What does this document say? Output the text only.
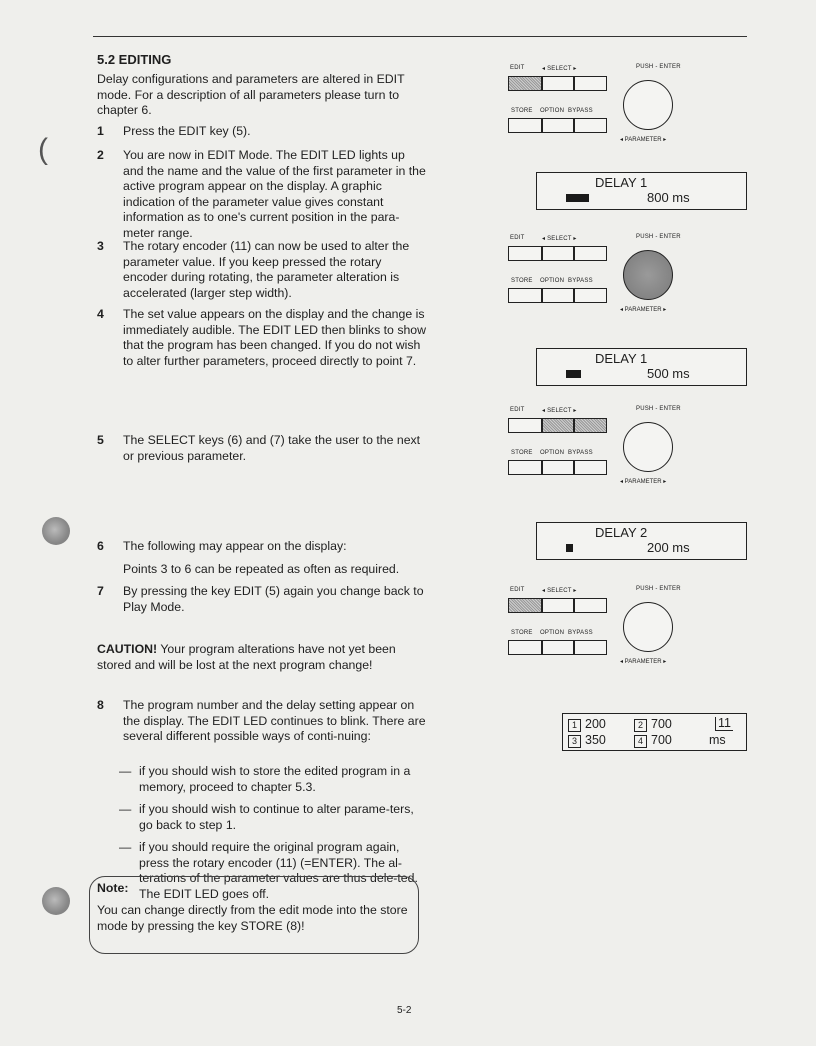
(
5.2 EDITING
Delay configurations and parameters are altered in EDIT mode. For a description of all parameters please turn to chapter 6.
1	Press the EDIT key (5).
2	You are now in EDIT Mode. The EDIT LED lights up and the name and the value of the first parameter in the active program appear on the display. A graphic indication of the parameter value gives constant information as to one's current position in the para-meter range.
3	The rotary encoder (11) can now be used to alter the parameter value. If you keep pressed the rotary encoder during rotating, the parameter alteration is accelerated (larger step width).
4	The set value appears on the display and the change is immediately audible. The EDIT LED then blinks to show that the program has been changed. If you do not wish to alter further parameters, proceed directly to point 7.
5	The SELECT keys (6) and (7) take the user to the next or previous parameter.
6	The following may appear on the display:
Points 3 to 6 can be repeated as often as required.
7	By pressing the key EDIT (5) again you change back to Play Mode.
CAUTION! Your program alterations have not yet been stored and will be lost at the next program change!
8	The program number and the delay setting appear on the display. The EDIT LED continues to blink. There are several different possible ways of conti-nuing:
— if you should wish to store the edited program in a memory, proceed to chapter 5.3.
— if you should wish to continue to alter parame-ters, go back to step 1.
— if you should require the original program again, press the rotary encoder (11) (=ENTER). The al-terations of the parameter values are thus dele-ted. The EDIT LED goes off.
Note:
You can change directly from the edit mode into the store mode by pressing the key STORE (8)!
5-2
EDIT	◂ SELECT ▸	PUSH - ENTER
STORE OPTION BYPASS
◂ PARAMETER ▸
DELAY 1
800 ms
EDIT	◂ SELECT ▸	PUSH - ENTER
STORE OPTION BYPASS
◂ PARAMETER ▸
DELAY 1
500 ms
EDIT	◂ SELECT ▸	PUSH - ENTER
STORE OPTION BYPASS
◂ PARAMETER ▸
DELAY 2
200 ms
EDIT	◂ SELECT ▸	PUSH - ENTER
STORE OPTION BYPASS
◂ PARAMETER ▸
1 200	2 700
3 350	4 700
11
ms
